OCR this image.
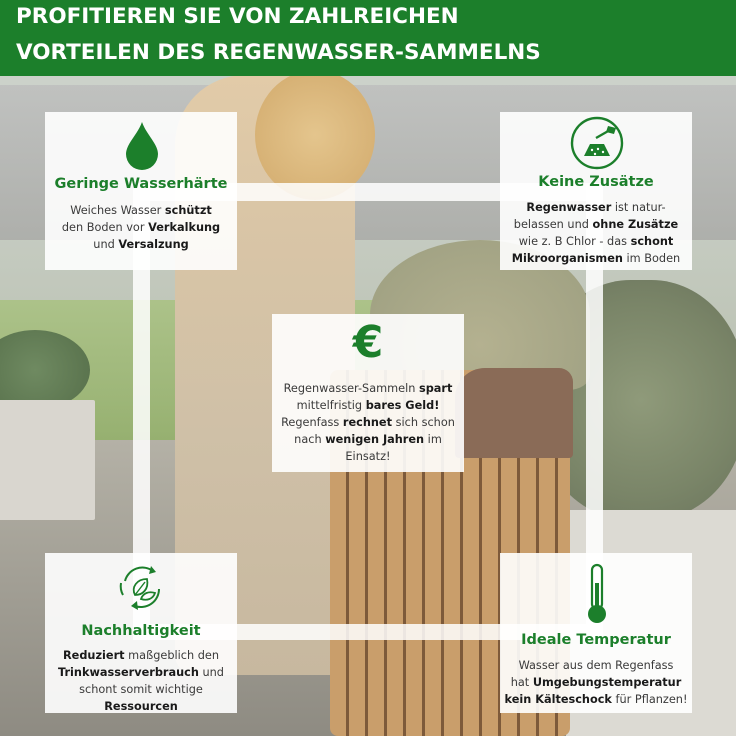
PROFITIEREN SIE VON ZAHLREICHEN
VORTEILEN DES REGENWASSER-SAMMELNS
Geringe Wasserhärte
Weiches Wasser schützt
den Boden vor Verkalkung
und Versalzung
Keine Zusätze
Regenwasser ist natur-
belassen und ohne Zusätze
wie z. B Chlor - das schont
Mikroorganismen im Boden
€
Regenwasser-Sammeln spart
mittelfristig bares Geld!
Regenfass rechnet sich schon
nach wenigen Jahren im
Einsatz!
Nachhaltigkeit
Reduziert maßgeblich den
Trinkwasserverbrauch und
schont somit wichtige
Ressourcen
Ideale Temperatur
Wasser aus dem Regenfass
hat Umgebungstemperatur
kein Kälteschock für Pflanzen!
